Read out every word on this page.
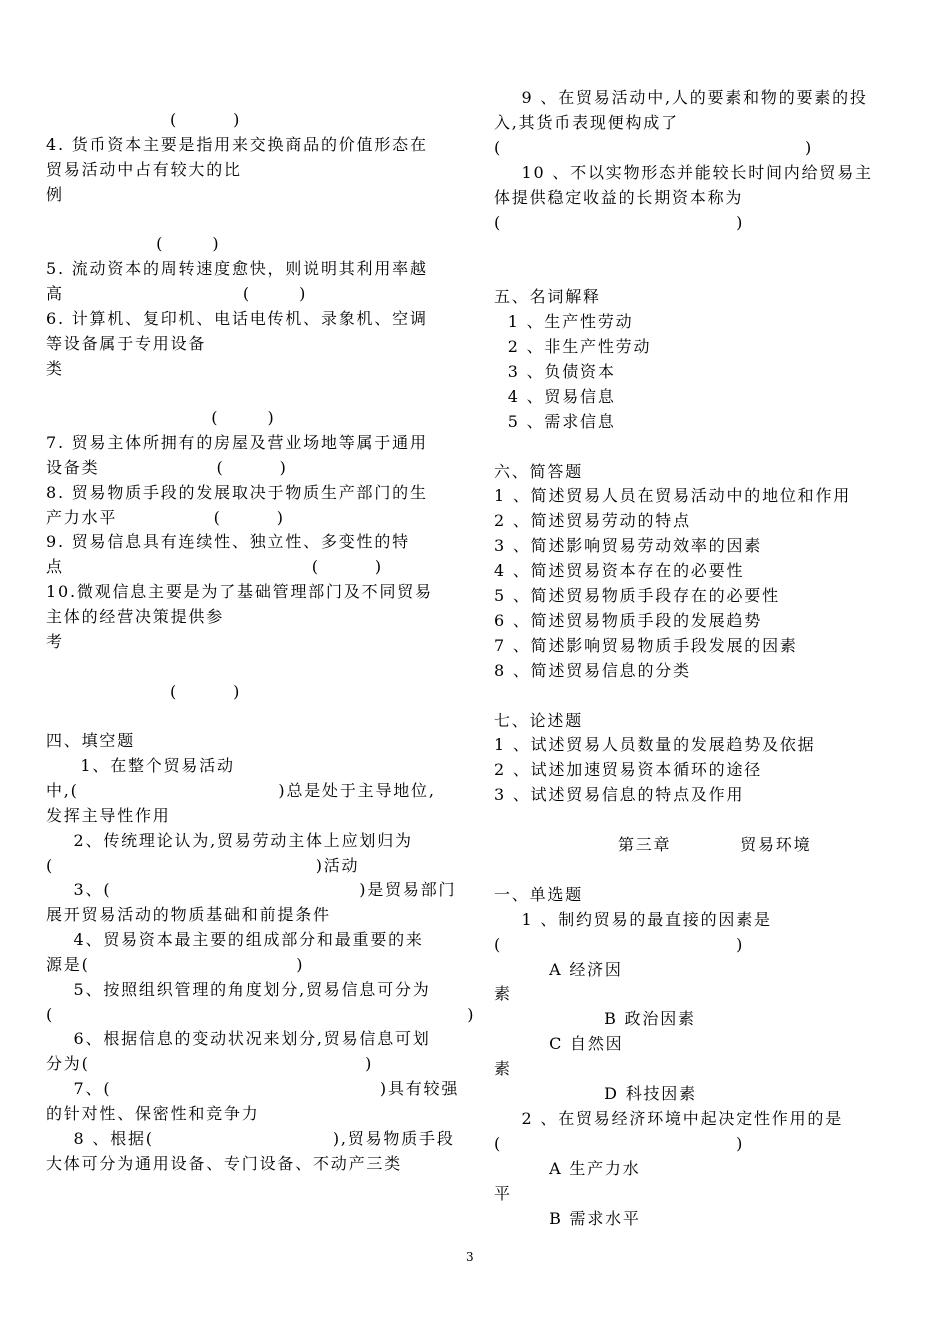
(        )
4. 货币资本主要是指用来交换商品的价值形态在
贸易活动中占有较大的比
例
(       )
5. 流动资本的周转速度愈快，则说明其利用率越
高                          (       )
6. 计算机、复印机、电话电传机、录象机、空调
等设备属于专用设备
类
(       )
7. 贸易主体所拥有的房屋及营业场地等属于通用
设备类                 (        )
8. 贸易物质手段的发展取决于物质生产部门的生
产力水平              (        )
9. 贸易信息具有连续性、独立性、多变性的特
点                                    (        )
10.微观信息主要是为了基础管理部门及不同贸易
主体的经营决策提供参
考
(        )
四、填空题
1、在整个贸易活动
中,(                             )总是处于主导地位,
发挥主导性作用
2、传统理论认为,贸易劳动主体上应划归为
(                                      )活动
3、(                                    )是贸易部门
展开贸易活动的物质基础和前提条件
4、贸易资本最主要的组成部分和最重要的来
源是(                              )
5、按照组织管理的角度划分,贸易信息可分为
(                                                            )
6、根据信息的变动状况来划分,贸易信息可划
分为(                                        )
7、(                                       )具有较强
的针对性、保密性和竞争力
8 、根据(                          ),贸易物质手段
大体可分为通用设备、专门设备、不动产三类
9 、在贸易活动中,人的要素和物的要素的投
入,其货币表现便构成了
(                                            )
10 、不以实物形态并能较长时间内给贸易主
体提供稳定收益的长期资本称为
(                                  )
五、名词解释
1 、生产性劳动
2 、非生产性劳动
3 、负债资本
4 、贸易信息
5 、需求信息
六、简答题
1 、简述贸易人员在贸易活动中的地位和作用
2 、简述贸易劳动的特点
3 、简述影响贸易劳动效率的因素
4 、简述贸易资本存在的必要性
5 、简述贸易物质手段存在的必要性
6 、简述贸易物质手段的发展趋势
7 、简述影响贸易物质手段发展的因素
8 、简述贸易信息的分类
七、论述题
1 、试述贸易人员数量的发展趋势及依据
2 、试述加速贸易资本循环的途径
3 、试述贸易信息的特点及作用
第三章          贸易环境
一、单选题
1 、制约贸易的最直接的因素是
(                                  )
A 经济因
素
B 政治因素
C 自然因
素
D 科技因素
2 、在贸易经济环境中起决定性作用的是
(                                  )
A 生产力水
平
B 需求水平
3
